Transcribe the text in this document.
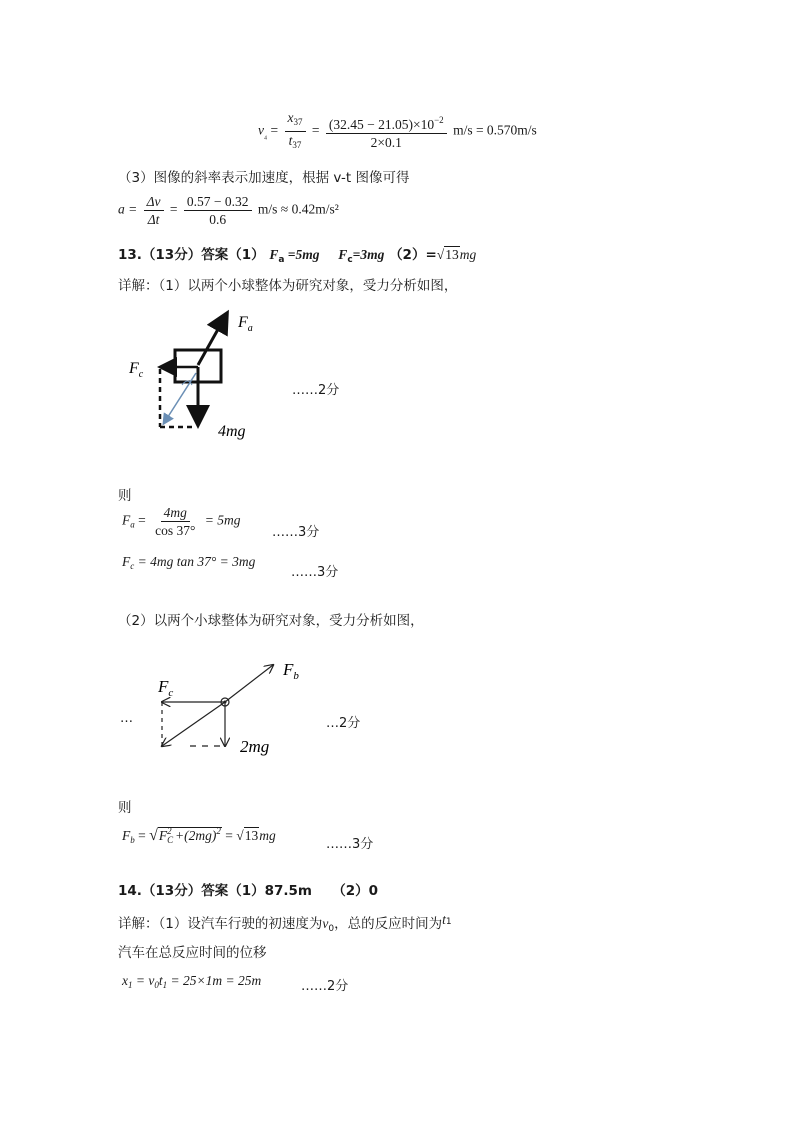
$v_{_4} = \frac{x_{37}}{t_{37}} = \frac{(32.45 - 21.05)\times 10^{-2}}{2\times 0.1} m/s = 0.570m/s$
（3）图像的斜率表示加速度，根据 v-t 图像可得
$a = \frac{\Delta v}{\Delta t} = \frac{0.57 - 0.32}{0.6} m/s \approx 0.42m/s^2$
13.（13分）答案（1） $F_a =5mg$ $F_c=3mg$ （2）=√13mg
详解：（1）以两个小球整体为研究对象，受力分析如图，
$F_a$
$F_c$
4mg
……2分
则
$F_a = \frac{4mg}{\cos 37^\circ} = 5mg$
……3分
$F_c = 4mg$ tan 37° = 3mg
……3分
（2）以两个小球整体为研究对象，受力分析如图，
$F_b$
$F_c$
2mg
…	…2分
则
$F_b = √F_C^2 +(2mg)^2 = √13mg$
……3分
14.（13分）答案（1）87.5m　　（2）0
详解：（1）设汽车行驶的初速度为$v_0$，总的反应时间为$t^1$
汽车在总反应时间的位移
$x_1 = v_0t_1 = 25\times 1m = 25m$	……2分
